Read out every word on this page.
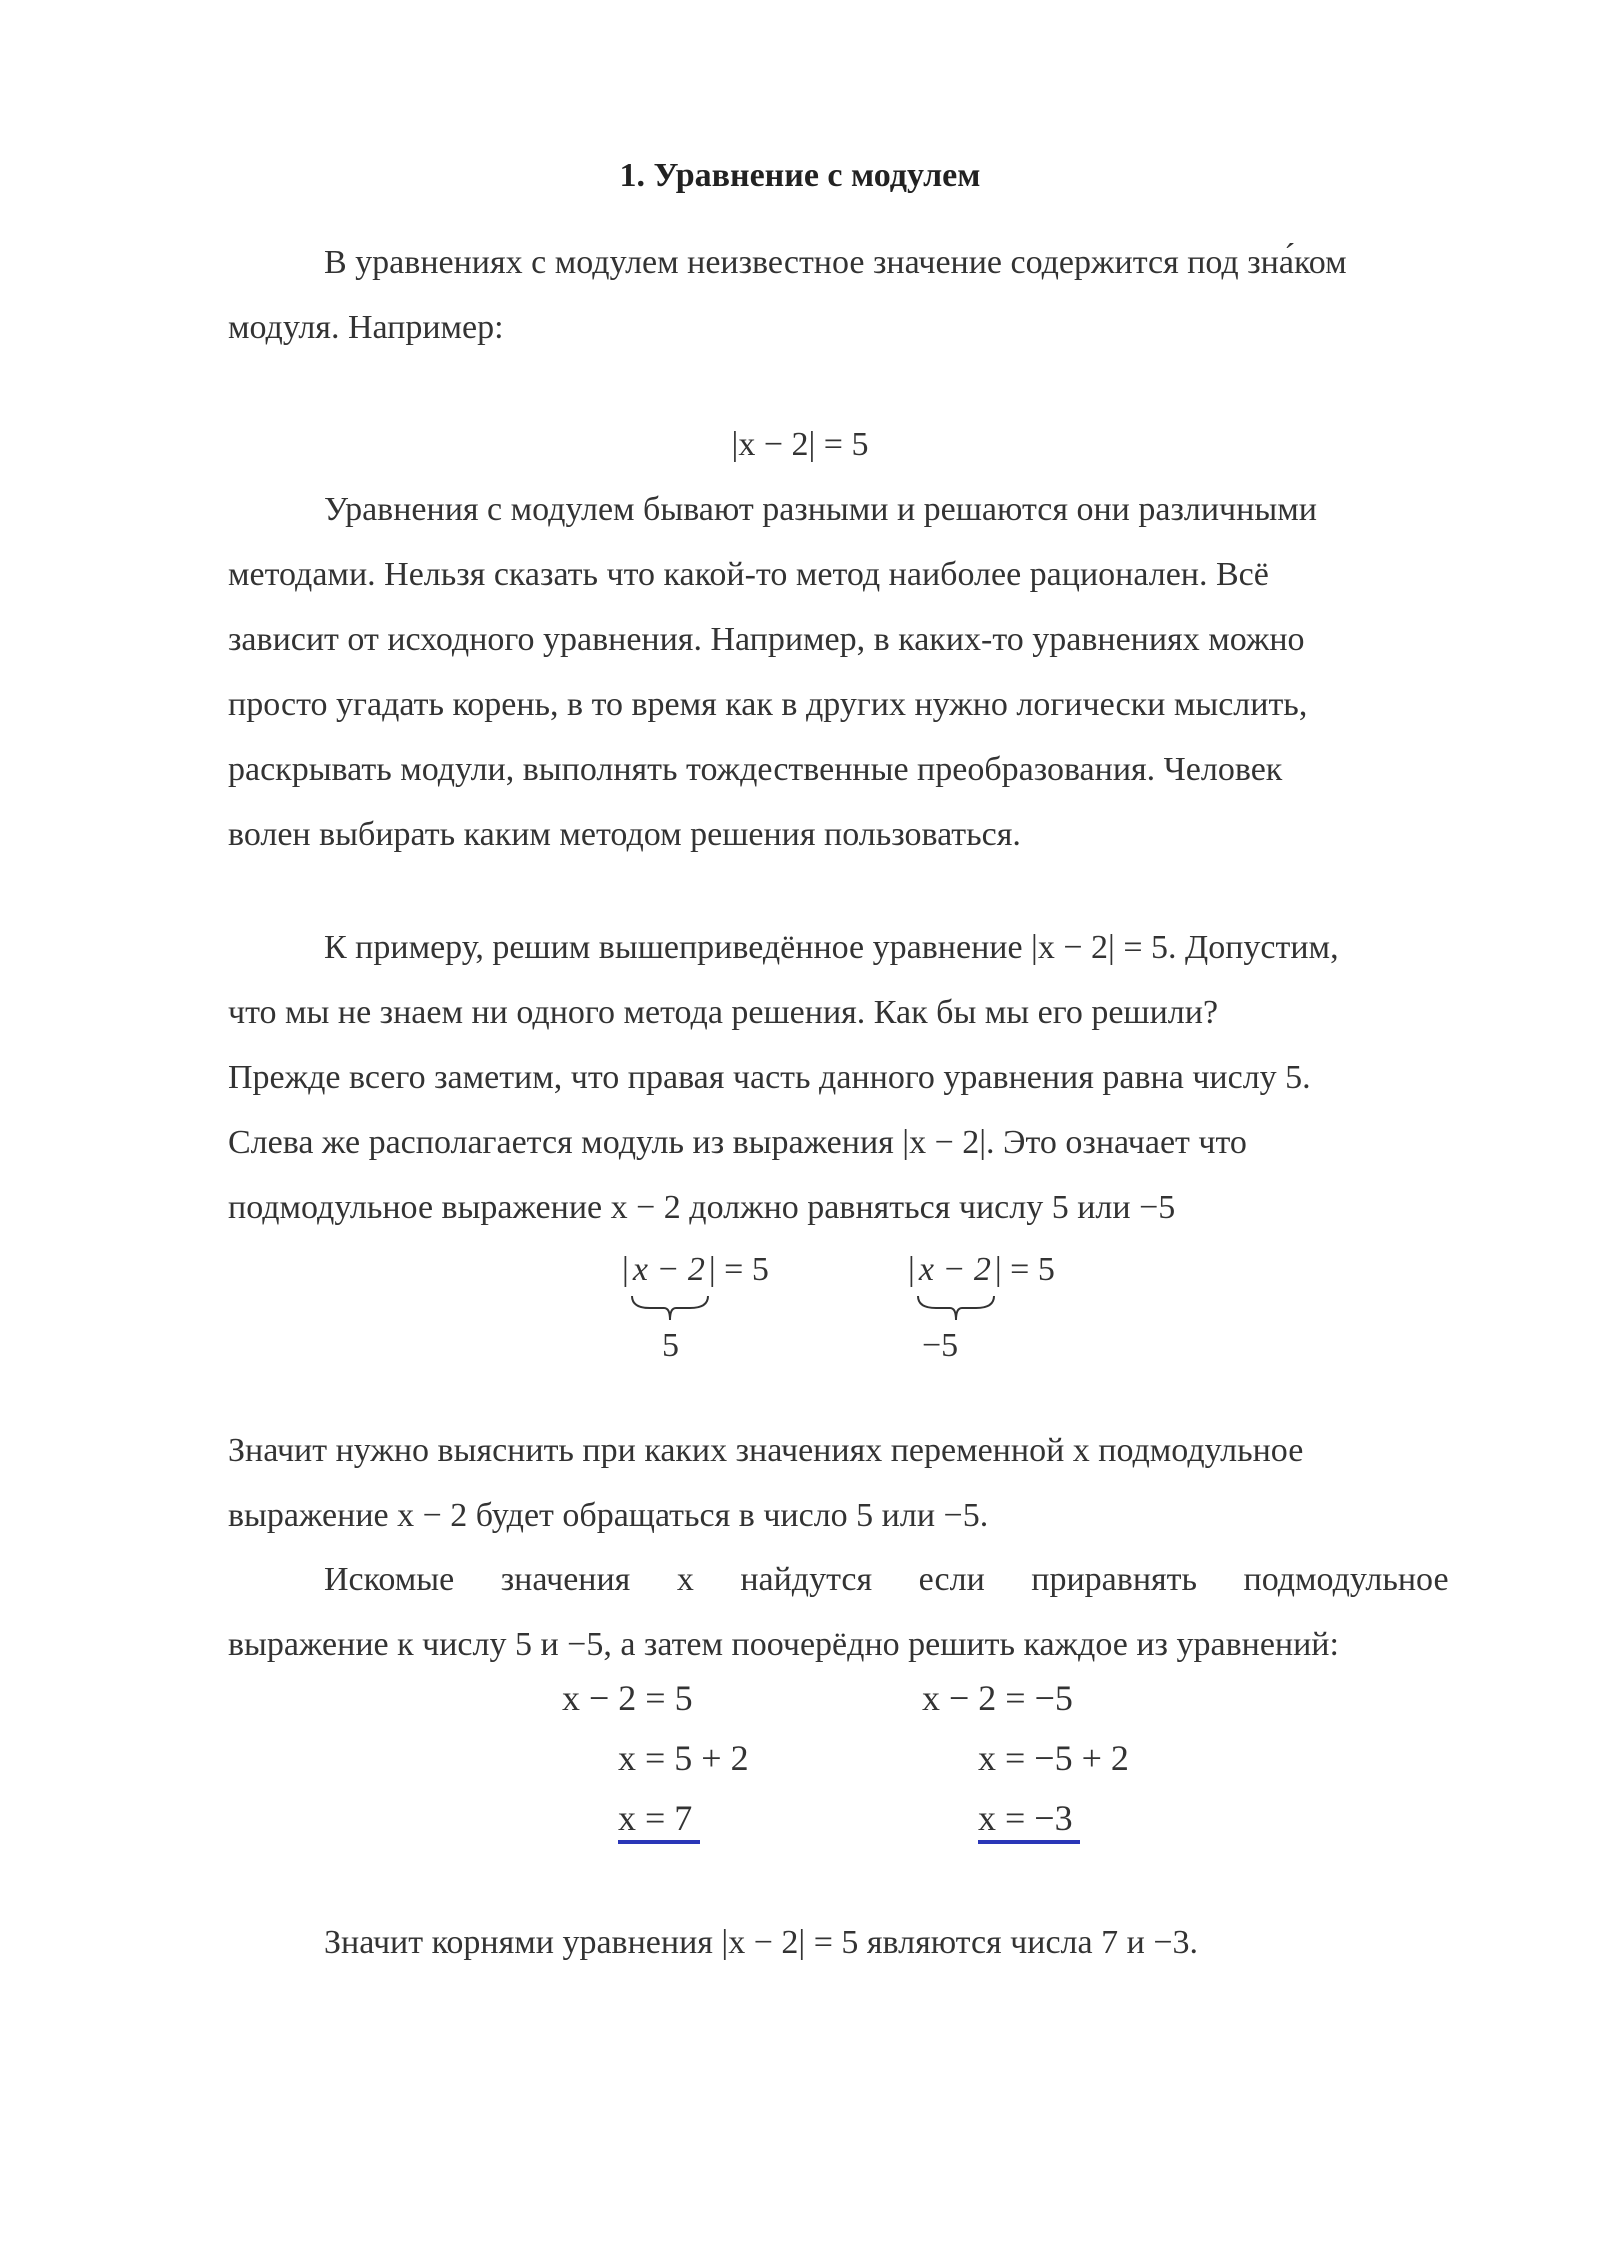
1. Уравнение с модулем
В уравнениях с модулем неизвестное значение содержится под зна́ком
модуля. Например:
|x − 2| = 5
Уравнения с модулем бывают разными и решаются они различными
методами. Нельзя сказать что какой-то метод наиболее рационален. Всё
зависит от исходного уравнения. Например, в каких-то уравнениях можно
просто угадать корень, в то время как в других нужно логически мыслить,
раскрывать модули, выполнять тождественные преобразования. Человек
волен выбирать каким методом решения пользоваться.
К примеру, решим вышеприведённое уравнение |x − 2| = 5. Допустим,
что мы не знаем ни одного метода решения. Как бы мы его решили?
Прежде всего заметим, что правая часть данного уравнения равна числу 5.
Слева же располагается модуль из выражения |x − 2|. Это означает что
подмодульное выражение x − 2 должно равняться числу 5 или −5
| x − 2 | = 5
5
| x − 2 | = 5
−5
Значит нужно выяснить при каких значениях переменной x подмодульное
выражение x − 2 будет обращаться в число 5 или −5.
Искомые значения x найдутся если приравнять подмодульное
выражение к числу 5 и −5, а затем поочерёдно решить каждое из уравнений:
x − 2 = 5
x = 5 + 2
x = 7
x − 2 = −5
x = −5 + 2
x = −3
Значит корнями уравнения |x − 2| = 5 являются числа 7 и −3.
